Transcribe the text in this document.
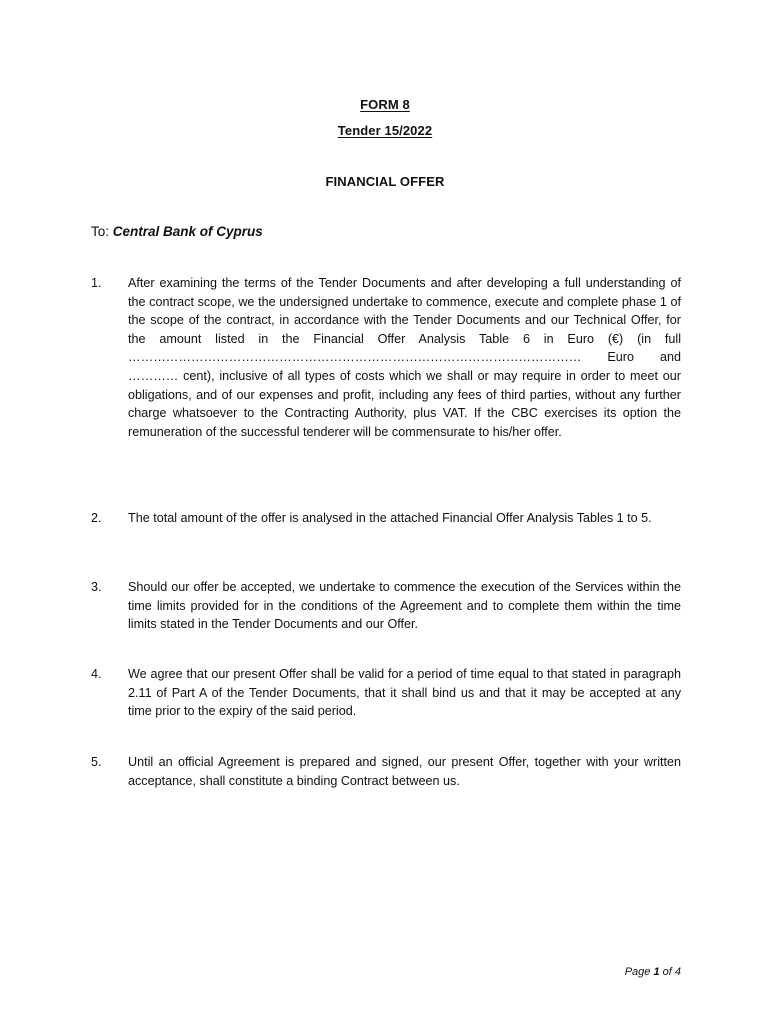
FORM 8
Tender 15/2022
FINANCIAL OFFER
To: Central Bank of Cyprus
1. After examining the terms of the Tender Documents and after developing a full understanding of the contract scope, we the undersigned undertake to commence, execute and complete phase 1 of the scope of the contract, in accordance with the Tender Documents and our Technical Offer, for the amount listed in the Financial Offer Analysis Table 6 in Euro (€) (in full ……………………………………………………………………………………………… Euro and ………… cent), inclusive of all types of costs which we shall or may require in order to meet our obligations, and of our expenses and profit, including any fees of third parties, without any further charge whatsoever to the Contracting Authority, plus VAT. If the CBC exercises its option the remuneration of the successful tenderer will be commensurate to his/her offer.
2. The total amount of the offer is analysed in the attached Financial Offer Analysis Tables 1 to 5.
3. Should our offer be accepted, we undertake to commence the execution of the Services within the time limits provided for in the conditions of the Agreement and to complete them within the time limits stated in the Tender Documents and our Offer.
4. We agree that our present Offer shall be valid for a period of time equal to that stated in paragraph 2.11 of Part A of the Tender Documents, that it shall bind us and that it may be accepted at any time prior to the expiry of the said period.
5. Until an official Agreement is prepared and signed, our present Offer, together with your written acceptance, shall constitute a binding Contract between us.
Page 1 of 4
